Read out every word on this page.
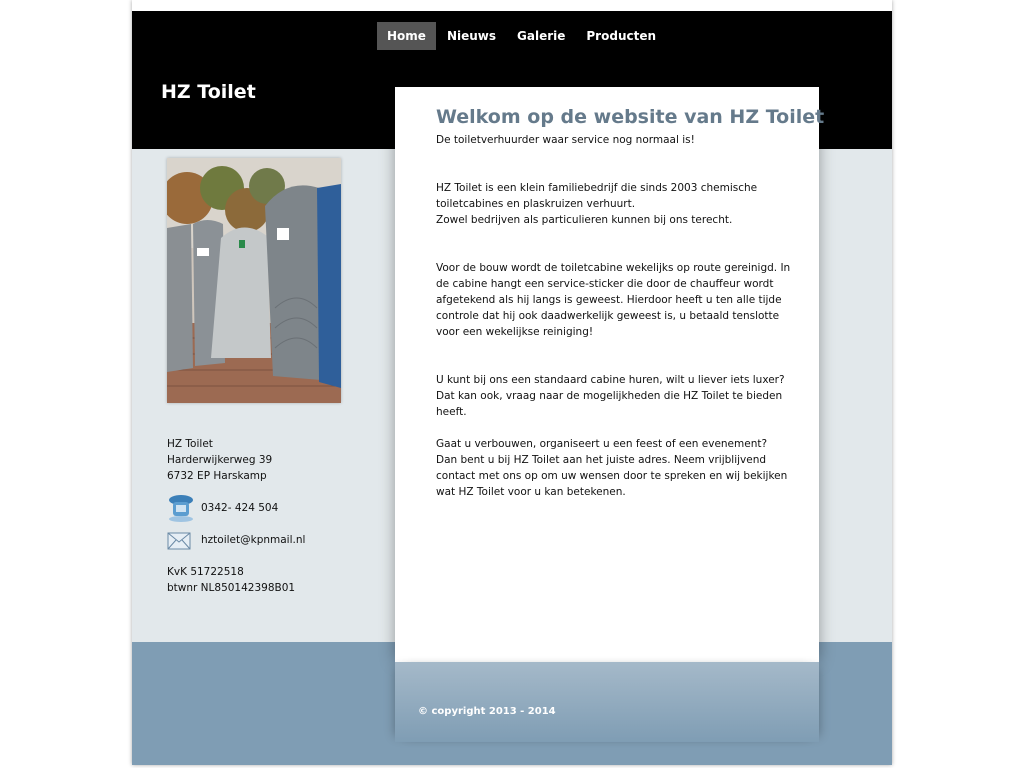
Home	Nieuws	Galerie	Producten
HZ Toilet

HZ Toilet

Harderwijkerweg 39

6732 EP Harskamp

0342- 424 504

hztoilet@kpnmail.nl

KvK 51722518

btwnr NL850142398B01

Welkom op de website van HZ Toilet

De toiletverhuurder waar service nog normaal is!

HZ Toilet is een klein familiebedrijf die sinds 2003 chemische toiletcabines en plaskruizen verhuurt.

Zowel bedrijven als particulieren kunnen bij ons terecht.

Voor de bouw wordt de toiletcabine wekelijks op route gereinigd. In de cabine hangt een service-sticker die door de chauffeur wordt afgetekend als hij langs is geweest. Hierdoor heeft u ten alle tijde controle dat hij ook daadwerkelijk geweest is, u betaald tenslotte voor een wekelijkse reiniging!

U kunt bij ons een standaard cabine huren, wilt u liever iets luxer? Dat kan ook, vraag naar de mogelijkheden die HZ Toilet te bieden heeft.

Gaat u verbouwen, organiseert u een feest of een evenement? Dan bent u bij HZ Toilet aan het juiste adres. Neem vrijblijvend contact met ons op om uw wensen door te spreken en wij bekijken wat HZ Toilet voor u kan betekenen.

© copyright 2013 - 2014
